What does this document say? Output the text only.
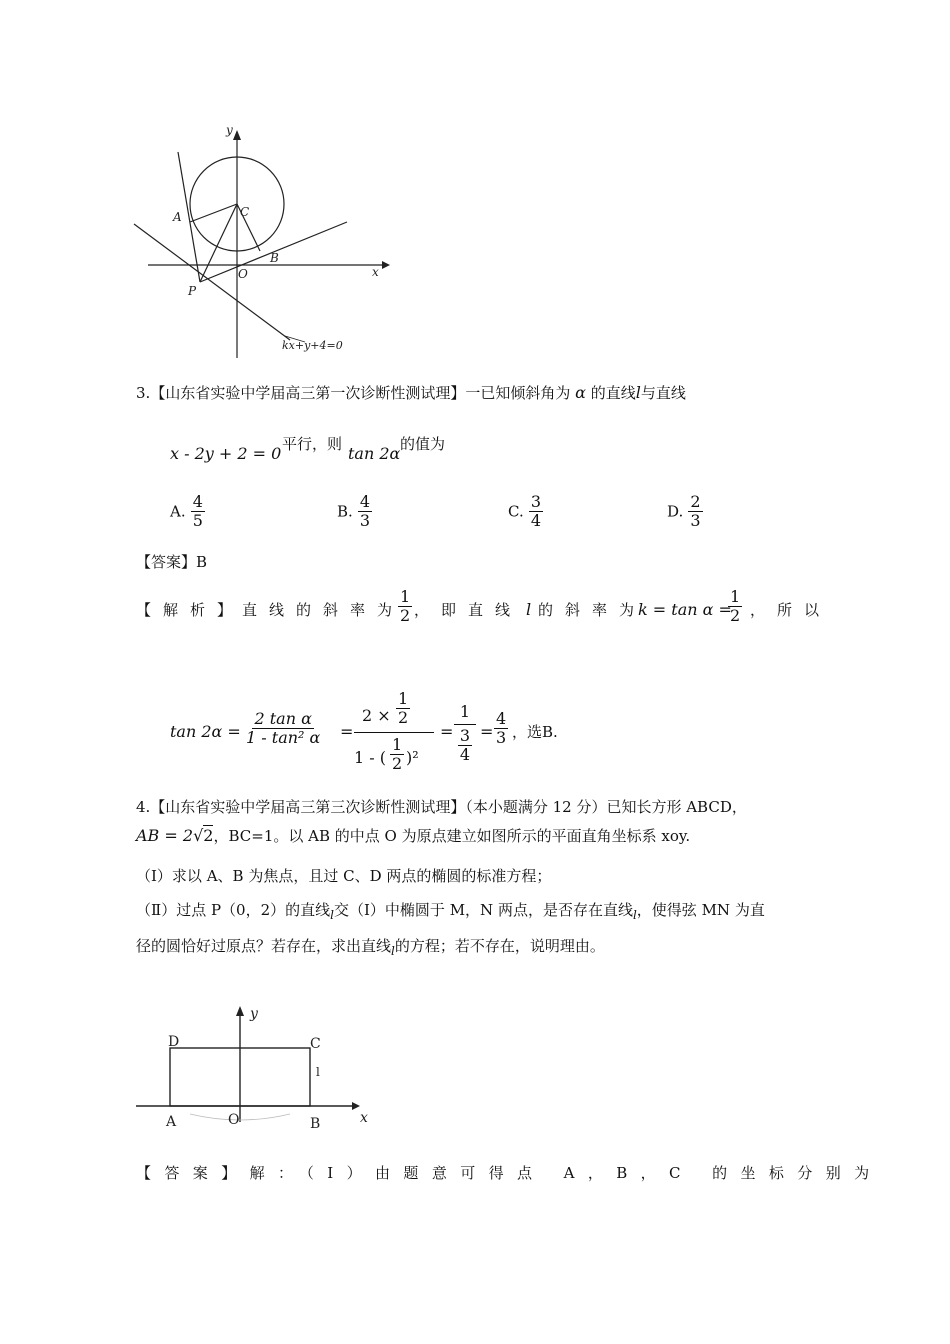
y
x
A	C
B
O
P
kx+y+4=0
3.【山东省实验中学届高三第一次诊断性测试理】一已知倾斜角为 α 的直线l与直线
x - 2y + 2 = 0 平行，则 tan 2α 的值为
A. $\frac{4}{5}$	B. $\frac{4}{3}$	C. $\frac{3}{4}$	D. $\frac{2}{3}$
【答案】B
【解析】
直线的斜率为
$\frac{1}{2}$ ，即直线 l 的斜率为
k = tan α =
$\frac{1}{2}$ ，所以
$\tan 2\alpha = \frac{\text{2 tan α}}{\text{1 - tan² α}}$ =
$2 \times \frac{1}{2}$
1 - ( $\frac{1}{2} )^2$
=
1
3
4
= $\frac{4}{3}$ ，选B.
4.【山东省实验中学届高三第三次诊断性测试理】（本小题满分 12 分）已知长方形 ABCD，
AB = 2√2，BC=1。以 AB 的中点 O 为原点建立如图所示的平面直角坐标系 xoy.
（Ⅰ）求以 A、B 为焦点，且过 C、D 两点的椭圆的标准方程；
（Ⅱ）过点 P（0，2）的直线$_l$交（Ⅰ）中椭圆于 M，N 两点，是否存在直线$_l$，使得弦 MN 为直
径的圆恰好过原点？若存在，求出直线$_l$的方程；若不存在，说明理由。
y
x
D	C
l
A	O	B
【答案】解：（Ⅰ）由题意可得点 A，B，C 的坐标分别为
